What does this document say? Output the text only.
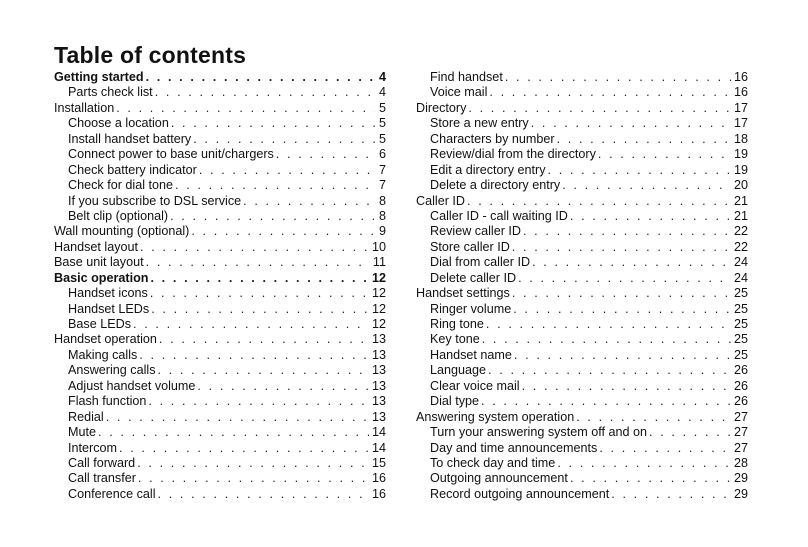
Table of contents
Getting started . . .	4
Parts check list . . .	4
Installation . . .	5
Choose a location . . .	5
Install handset battery . . .	5
Connect power to base unit/chargers . . .	6
Check battery indicator . . .	7
Check for dial tone . . .	7
If you subscribe to DSL service . . .	8
Belt clip (optional) . . .	8
Wall mounting (optional) . . .	9
Handset layout . . .	10
Base unit layout . . .	11
Basic operation . . .	12
Handset icons . . .	12
Handset LEDs . . .	12
Base LEDs . . .	12
Handset operation . . .	13
Making calls . . .	13
Answering calls . . .	13
Adjust handset volume . . .	13
Flash function . . .	13
Redial . . .	13
Mute . . .	14
Intercom . . .	14
Call forward . . .	15
Call transfer . . .	16
Conference call . . .	16
Find handset . . .	16
Voice mail . . .	16
Directory . . .	17
Store a new entry . . .	17
Characters by number . . .	18
Review/dial from the directory . . .	19
Edit a directory entry . . .	19
Delete a directory entry . . .	20
Caller ID . . .	21
Caller ID - call waiting ID . . .	21
Review caller ID . . .	22
Store caller ID . . .	22
Dial from caller ID . . .	24
Delete caller ID . . .	24
Handset settings . . .	25
Ringer volume . . .	25
Ring tone . . .	25
Key tone . . .	25
Handset name . . .	25
Language . . .	26
Clear voice mail . . .	26
Dial type . . .	26
Answering system operation . . .	27
Turn your answering system off and on . . .	27
Day and time announcements . . .	27
To check day and time . . .	28
Outgoing announcement . . .	29
Record outgoing announcement . . .	29
